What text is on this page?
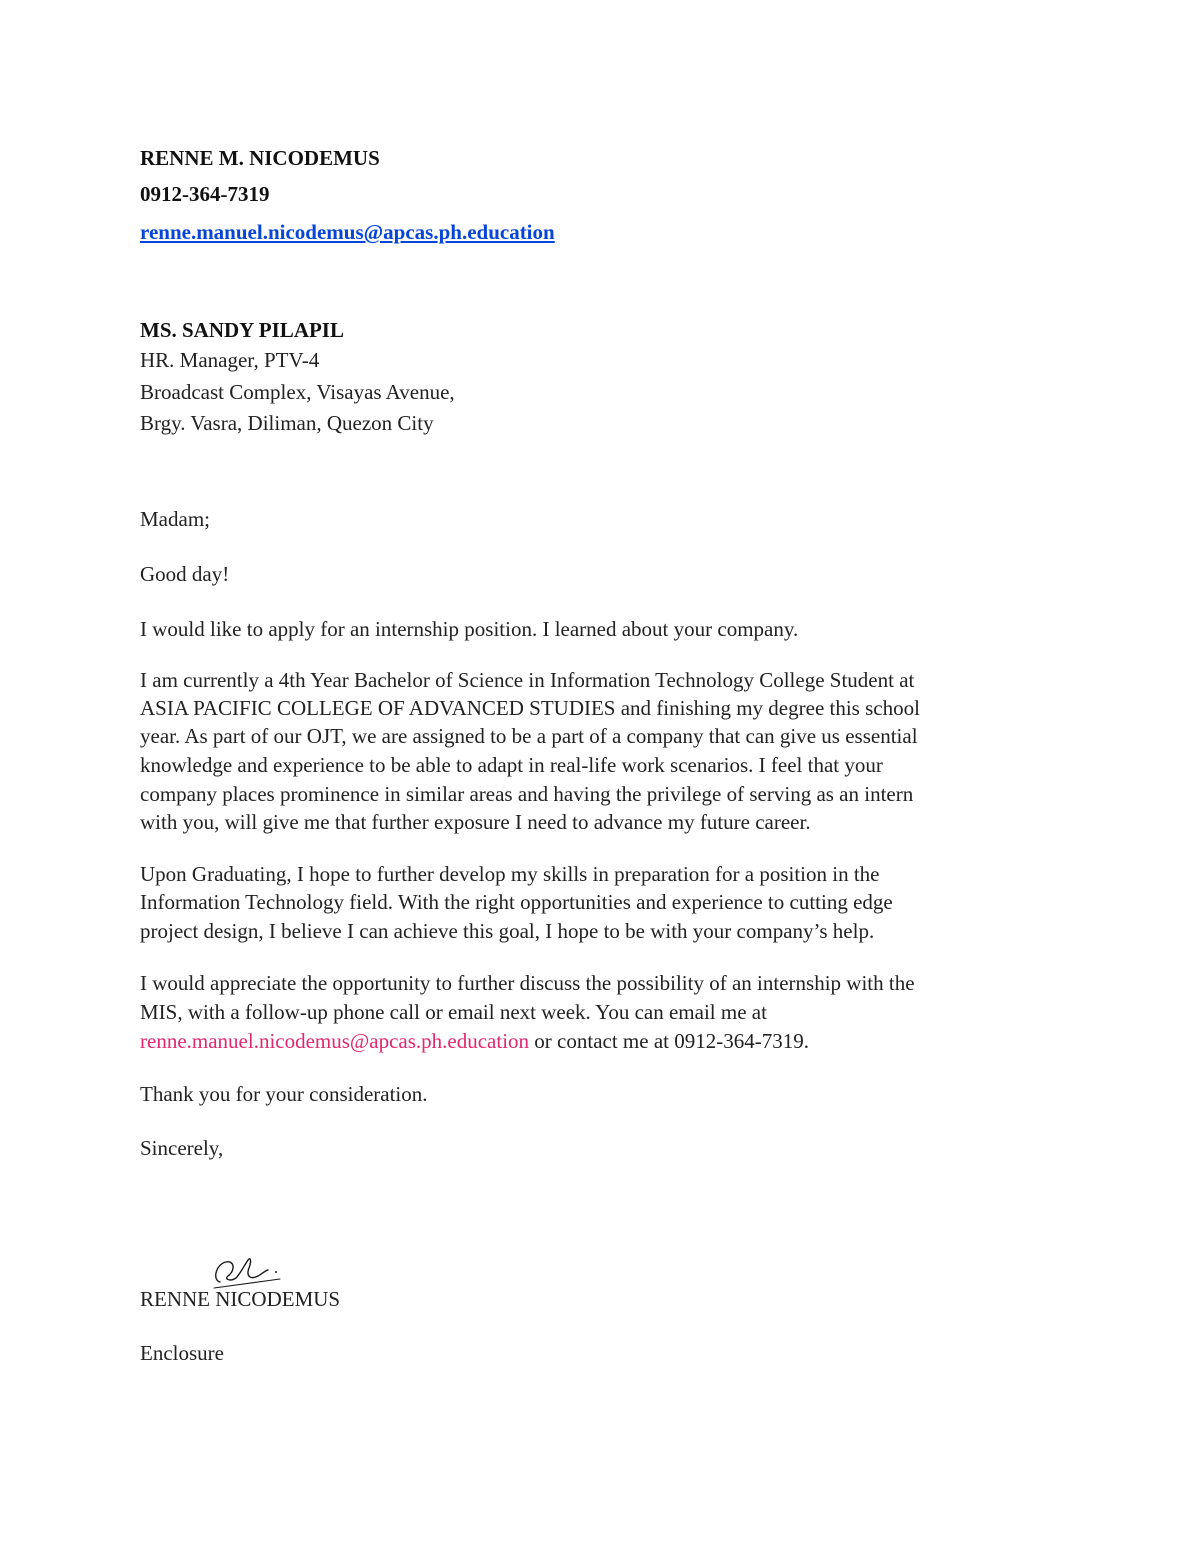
RENNE M. NICODEMUS
0912-364-7319
renne.manuel.nicodemus@apcas.ph.education
MS. SANDY PILAPIL
HR. Manager, PTV-4
Broadcast Complex, Visayas Avenue,
Brgy. Vasra, Diliman, Quezon City
Madam;
Good day!
I would like to apply for an internship position. I learned about your company.
I am currently a 4th Year Bachelor of Science in Information Technology College Student at
ASIA PACIFIC COLLEGE OF ADVANCED STUDIES and finishing my degree this school
year. As part of our OJT, we are assigned to be a part of a company that can give us essential
knowledge and experience to be able to adapt in real-life work scenarios. I feel that your
company places prominence in similar areas and having the privilege of serving as an intern
with you, will give me that further exposure I need to advance my future career.
Upon Graduating, I hope to further develop my skills in preparation for a position in the
Information Technology field. With the right opportunities and experience to cutting edge
project design, I believe I can achieve this goal, I hope to be with your company’s help.
I would appreciate the opportunity to further discuss the possibility of an internship with the
MIS, with a follow-up phone call or email next week. You can email me at
renne.manuel.nicodemus@apcas.ph.education or contact me at 0912-364-7319.
Thank you for your consideration.
Sincerely,
RENNE NICODEMUS
Enclosure
